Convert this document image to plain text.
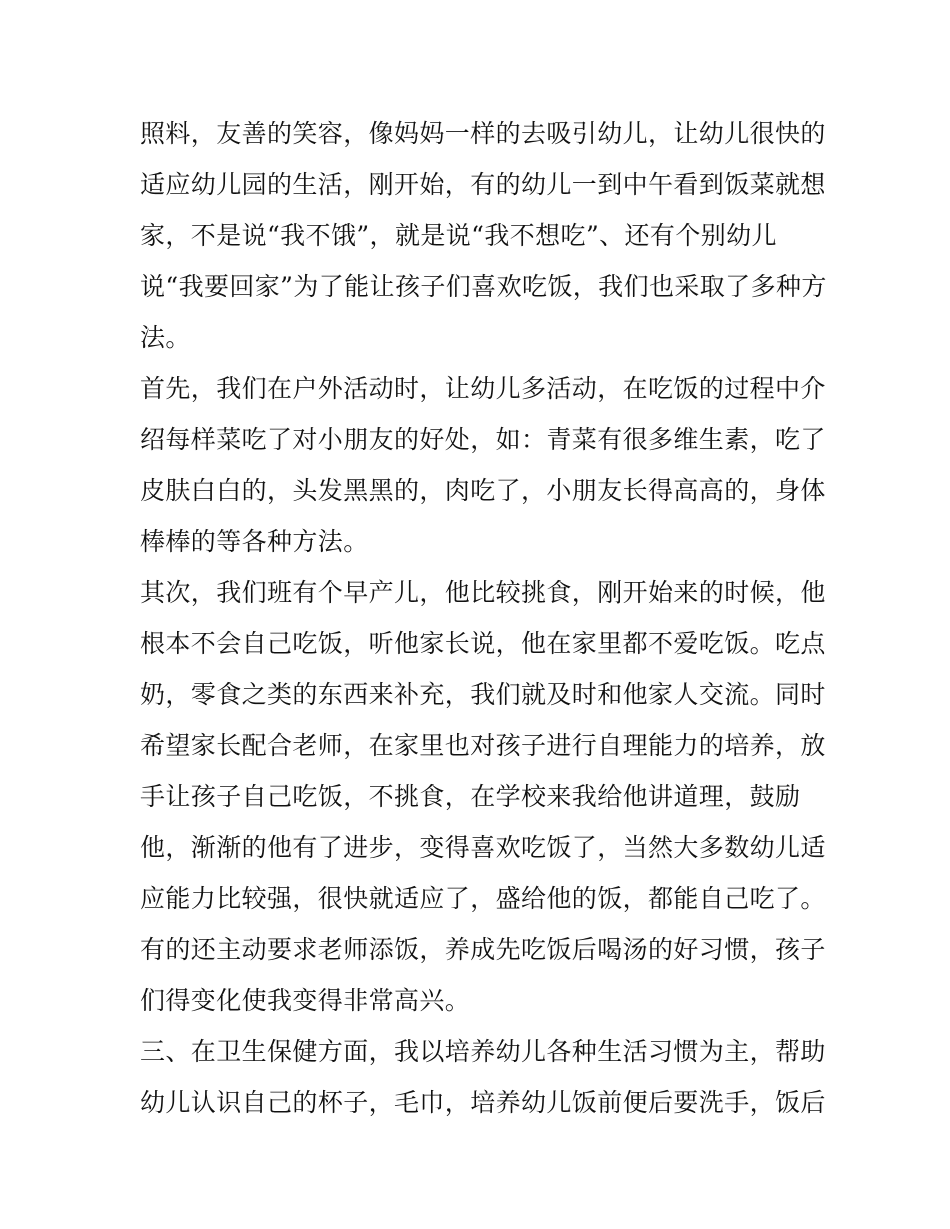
照料，友善的笑容，像妈妈一样的去吸引幼儿，让幼儿很快的
适应幼儿园的生活，刚开始，有的幼儿一到中午看到饭菜就想
家，不是说“我不饿”，就是说“我不想吃”、还有个别幼儿
说“我要回家”为了能让孩子们喜欢吃饭，我们也采取了多种方
法。
首先，我们在户外活动时，让幼儿多活动，在吃饭的过程中介
绍每样菜吃了对小朋友的好处，如：青菜有很多维生素，吃了
皮肤白白的，头发黑黑的，肉吃了，小朋友长得高高的，身体
棒棒的等各种方法。
其次，我们班有个早产儿，他比较挑食，刚开始来的时候，他
根本不会自己吃饭，听他家长说，他在家里都不爱吃饭。吃点
奶，零食之类的东西来补充，我们就及时和他家人交流。同时
希望家长配合老师，在家里也对孩子进行自理能力的培养，放
手让孩子自己吃饭，不挑食，在学校来我给他讲道理，鼓励
他，渐渐的他有了进步，变得喜欢吃饭了，当然大多数幼儿适
应能力比较强，很快就适应了，盛给他的饭，都能自己吃了。
有的还主动要求老师添饭，养成先吃饭后喝汤的好习惯，孩子
们得变化使我变得非常高兴。
三、在卫生保健方面，我以培养幼儿各种生活习惯为主，帮助
幼儿认识自己的杯子，毛巾，培养幼儿饭前便后要洗手，饭后
